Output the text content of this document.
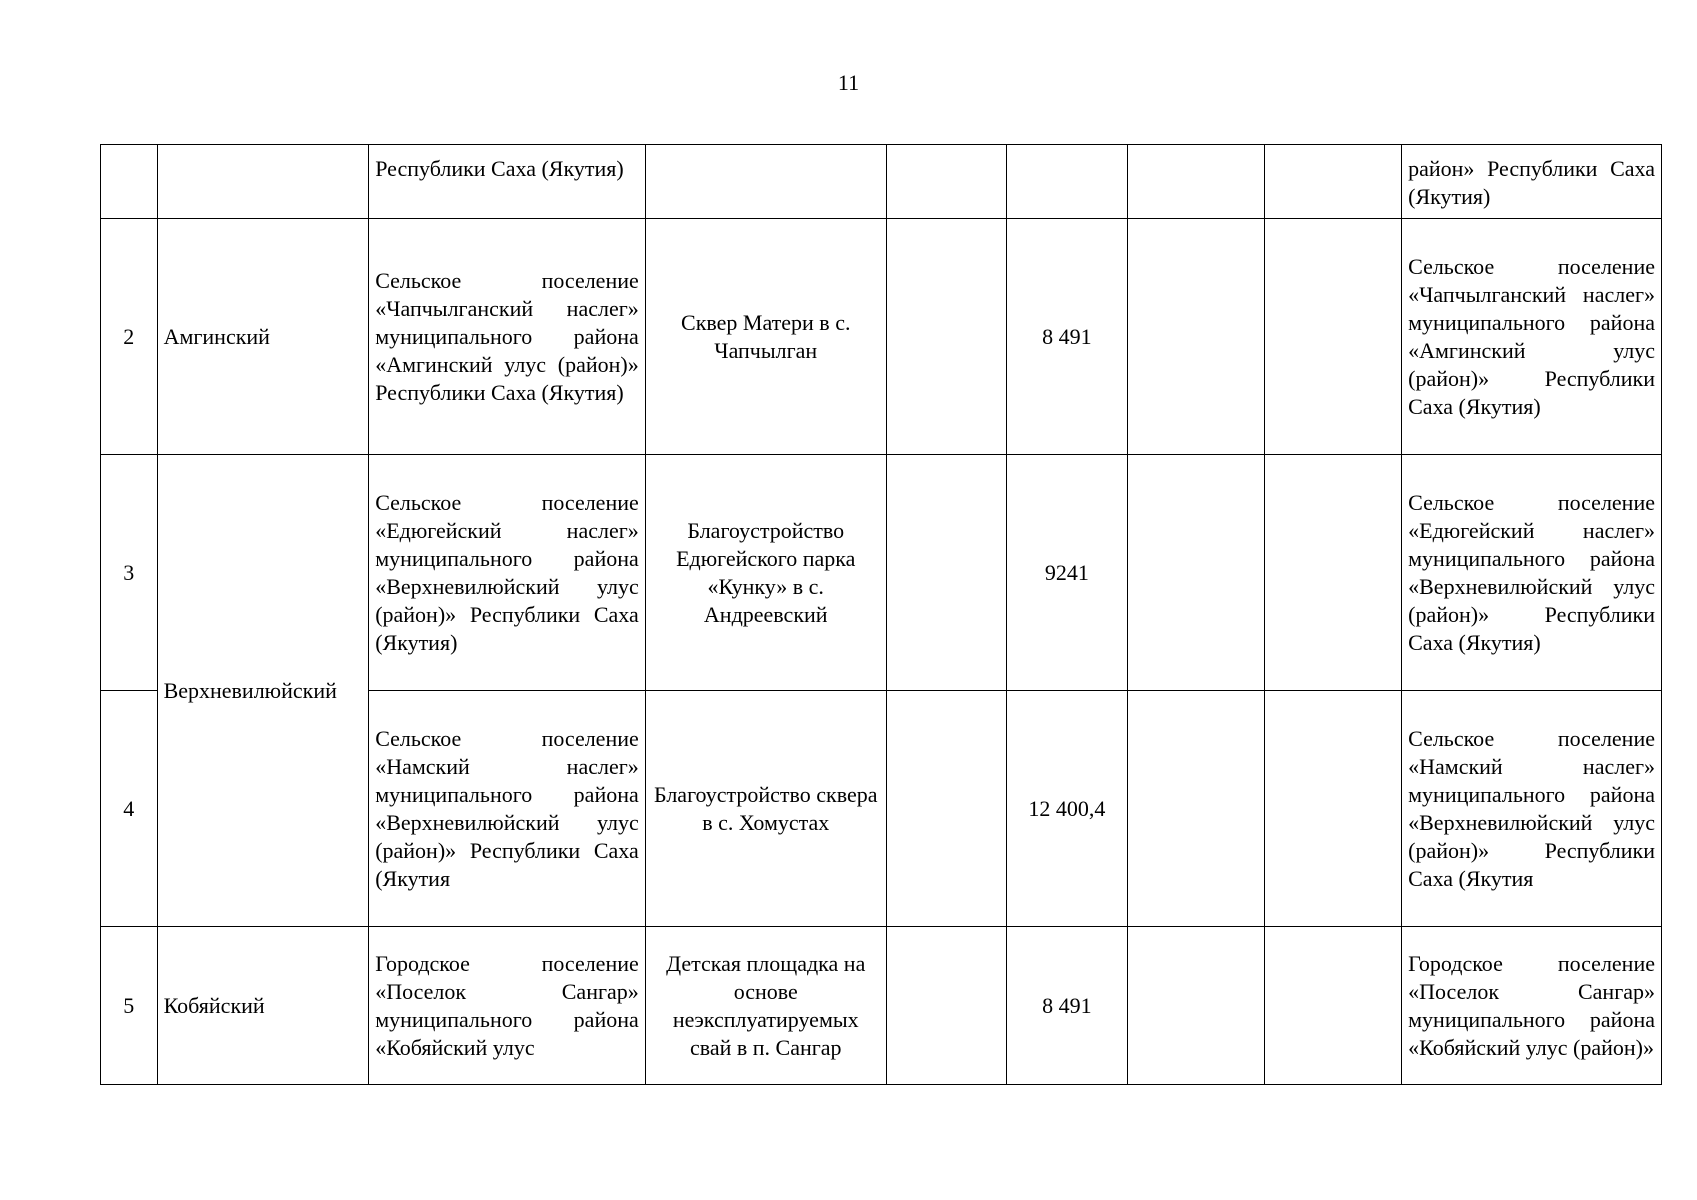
11
		Республики Саха (Якутия)						район» Республики Саха (Якутия)
2	Амгинский	Сельское поселение «Чапчылганский наслег» муниципального района «Амгинский улус (район)» Республики Саха (Якутия)	Сквер Матери в с. Чапчылган		8 491			Сельское поселение «Чапчылганский наслег» муниципального района «Амгинский улус (район)» Республики Саха (Якутия)
3	Верхневилюйский	Сельское поселение «Едюгейский наслег» муниципального района «Верхневилюйский улус (район)» Республики Саха (Якутия)	Благоустройство Едюгейского парка «Кунку» в с. Андреевский		9241			Сельское поселение «Едюгейский наслег» муниципального района «Верхневилюйский улус (район)» Республики Саха (Якутия)
4		Сельское поселение «Намский наслег» муниципального района «Верхневилюйский улус (район)» Республики Саха (Якутия	Благоустройство сквера в с. Хомустах		12 400,4			Сельское поселение «Намский наслег» муниципального района «Верхневилюйский улус (район)» Республики Саха (Якутия
5	Кобяйский	Городское поселение «Поселок Сангар» муниципального района «Кобяйский улус	Детская площадка на основе неэксплуатируемых свай в п. Сангар		8 491			Городское поселение «Поселок Сангар» муниципального района «Кобяйский улус (район)»
